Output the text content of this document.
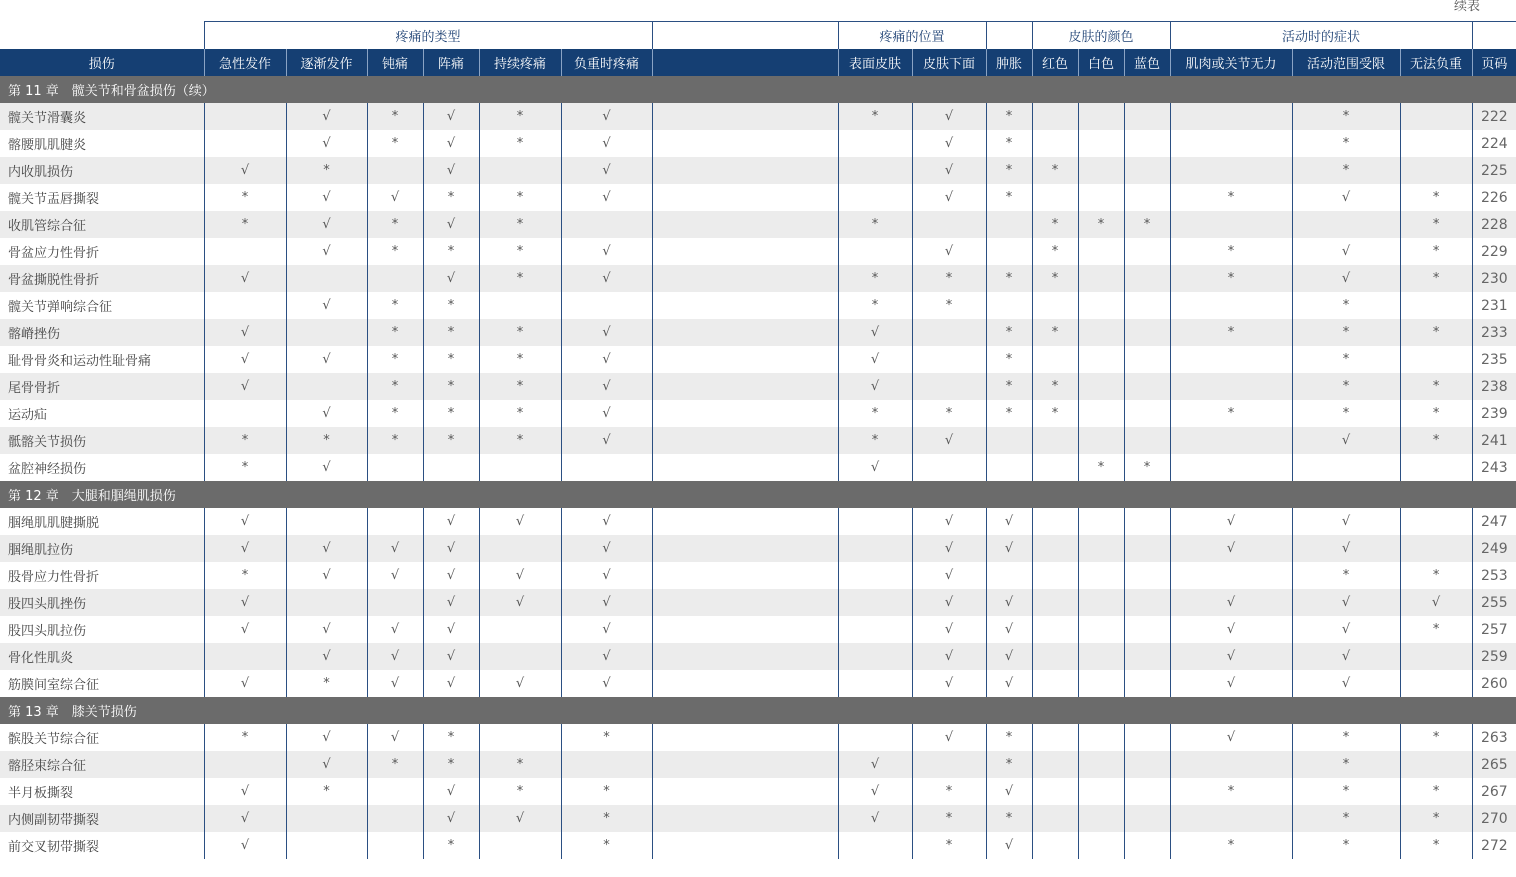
续表
	疼痛的类型							疼痛的位置			皮肤的颜色			活动时的症状			
损伤	急性发作	逐渐发作	钝痛	阵痛	持续疼痛	负重时疼痛		表面皮肤	皮肤下面	肿胀	红色	白色	蓝色	肌肉或关节无力	活动范围受限	无法负重	页码
第 11 章　髋关节和骨盆损伤（续）																	
髋关节滑囊炎		√	*	√	*	√		*	√	*					*		222
髂腰肌肌腱炎		√	*	√	*	√			√	*					*		224
内收肌损伤	√	*		√		√			√	*	*				*		225
髋关节盂唇撕裂	*	√	√	*	*	√			√	*				*	√	*	226
收肌管综合征	*	√	*	√	*			*			*	*	*			*	228
骨盆应力性骨折		√	*	*	*	√			√		*			*	√	*	229
骨盆撕脱性骨折	√			√	*	√		*	*	*	*			*	√	*	230
髋关节弹响综合征		√	*	*				*	*						*		231
髂嵴挫伤	√		*	*	*	√		√		*	*			*	*	*	233
耻骨骨炎和运动性耻骨痛	√	√	*	*	*	√		√		*					*		235
尾骨骨折	√		*	*	*	√		√		*	*				*	*	238
运动疝		√	*	*	*	√		*	*	*	*			*	*	*	239
骶髂关节损伤	*	*	*	*	*	√		*	√						√	*	241
盆腔神经损伤	*	√						√				*	*				243
第 12 章　大腿和腘绳肌损伤																	
腘绳肌肌腱撕脱	√			√	√	√			√	√				√	√		247
腘绳肌拉伤	√	√	√	√		√			√	√				√	√		249
股骨应力性骨折	*	√	√	√	√	√			√						*	*	253
股四头肌挫伤	√			√	√	√			√	√				√	√	√	255
股四头肌拉伤	√	√	√	√		√			√	√				√	√	*	257
骨化性肌炎		√	√	√		√			√	√				√	√		259
筋膜间室综合征	√	*	√	√	√	√			√	√				√	√		260
第 13 章　膝关节损伤																	
髌股关节综合征	*	√	√	*		*			√	*				√	*	*	263
髂胫束综合征		√	*	*	*			√		*					*		265
半月板撕裂	√	*		√	*	*		√	*	√				*	*	*	267
内侧副韧带撕裂	√			√	√	*		√	*	*					*	*	270
前交叉韧带撕裂	√			*		*			*	√				*	*	*	272
